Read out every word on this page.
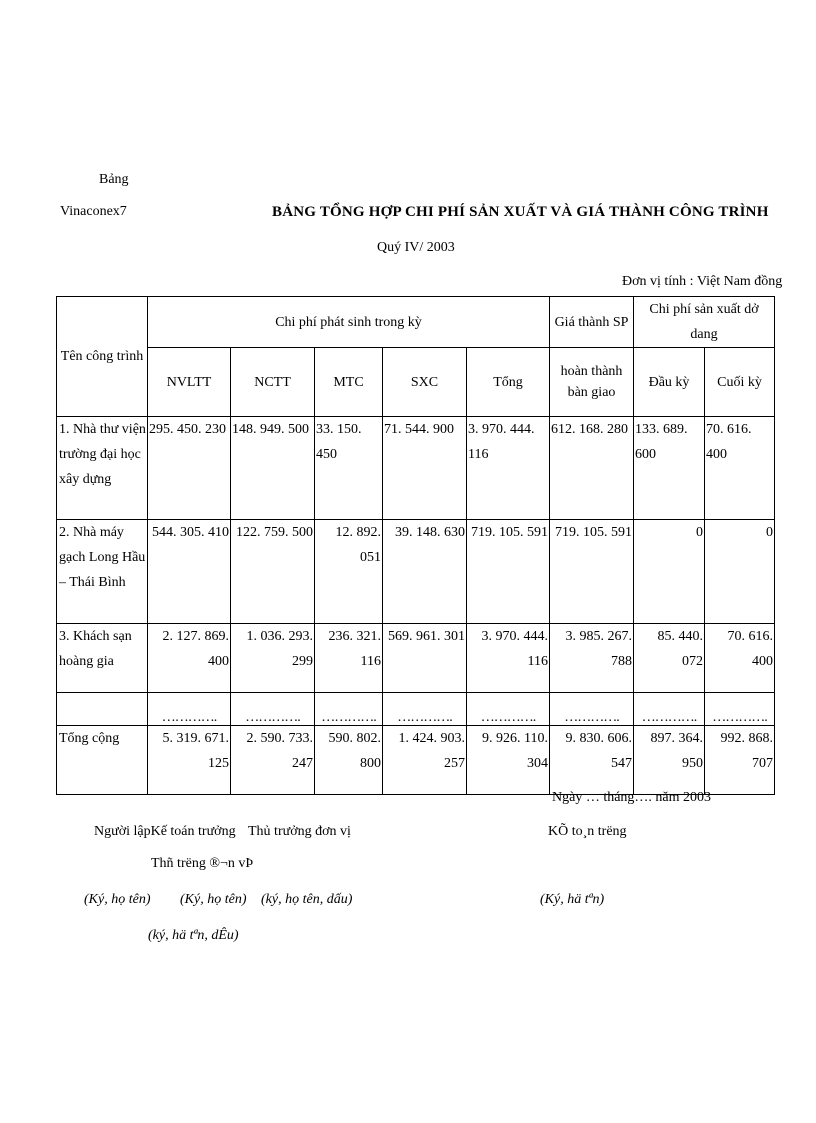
Bảng
Vinaconex7	BẢNG TỔNG HỢP CHI PHÍ SẢN XUẤT VÀ GIÁ THÀNH CÔNG TRÌNH
Quý IV/ 2003
Đơn vị tính : Việt Nam đồng
Tên công trình	Chi phí phát sinh trong kỳ					Giá thành SP	Chi phí sản xuất dở dang	
	NVLTT	NCTT	MTC	SXC	Tổng	hoàn thành bàn giao	Đầu kỳ	Cuối kỳ
1. Nhà thư viện trường đại học xây dựng	295. 450. 230	148. 949. 500	33. 150. 450	71. 544. 900	3. 970. 444. 116	612. 168. 280	133. 689. 600	70. 616. 400
2. Nhà máy gạch Long Hầu – Thái Bình	544. 305. 410	122. 759. 500	12. 892. 051	39. 148. 630	719. 105. 591	719. 105. 591	0	0
3. Khách sạn hoàng gia	2. 127. 869. 400	1. 036. 293. 299	236. 321. 116	569. 961. 301	3. 970. 444. 116	3. 985. 267. 788	85. 440. 072	70. 616. 400
	………….	………….	………….	………….	………….	………….	………….	………….
Tổng cộng	5. 319. 671. 125	2. 590. 733. 247	590. 802. 800	1. 424. 903. 257	9. 926. 110. 304	9. 830. 606. 547	897. 364. 950	992. 868. 707
Ngày … tháng…. năm 2003
Người lậpKế toán trưởng Thủ trưởng đơn vị	KÕ to¸n trëng
Thñ trëng ®¬n vÞ
(Ký, họ tên) (Ký, họ tên) (ký, họ tên, dấu)	(Ký, hä tªn)
(ký, hä tªn, dÊu)
